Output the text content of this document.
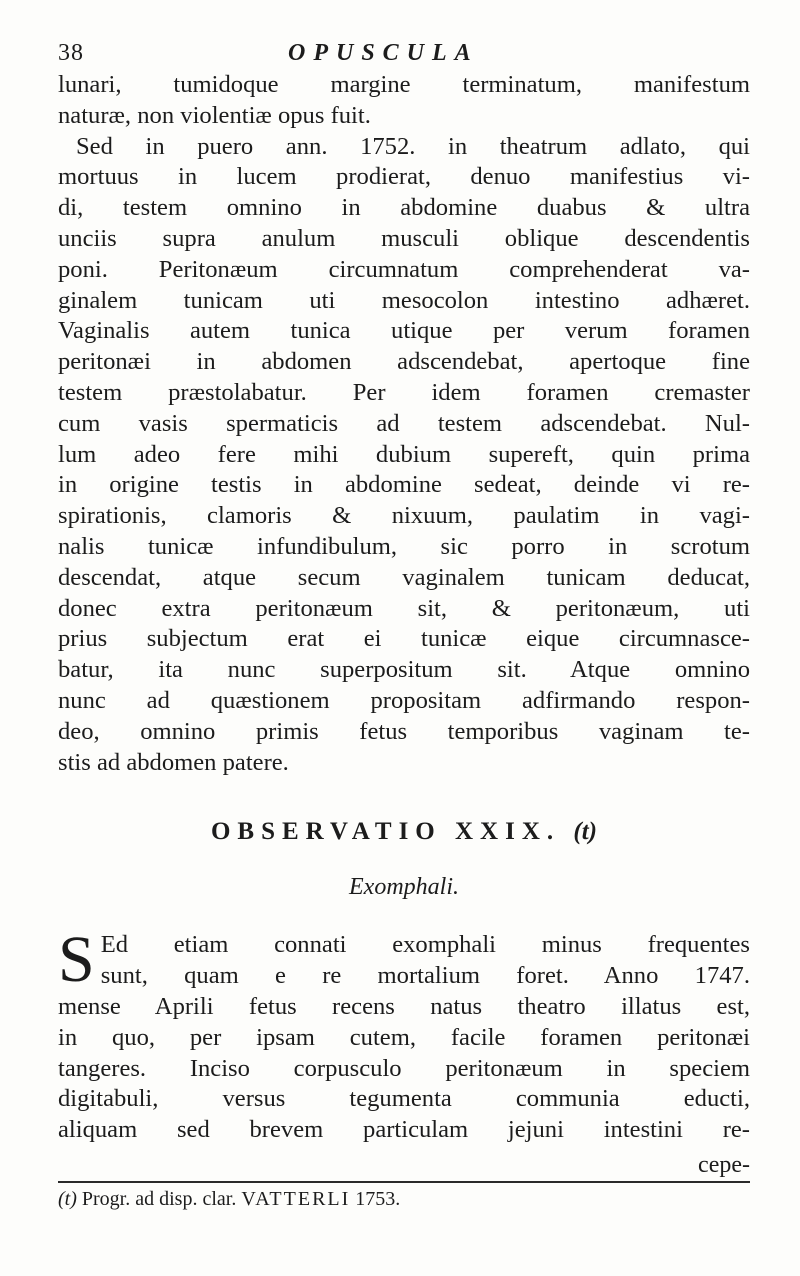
38	OPUSCULA
lunari, tumidoque margine terminatum, manifestum
naturæ, non violentiæ opus fuit.
Sed in puero ann. 1752. in theatrum adlato, qui
mortuus in lucem prodierat, denuo manifestius vi-
di, testem omnino in abdomine duabus & ultra
unciis supra anulum musculi oblique descendentis
poni. Peritonæum circumnatum comprehenderat va-
ginalem tunicam uti mesocolon intestino adhæret.
Vaginalis autem tunica utique per verum foramen
peritonæi in abdomen adscendebat, apertoque fine
testem præstolabatur. Per idem foramen cremaster
cum vasis spermaticis ad testem adscendebat. Nul-
lum adeo fere mihi dubium supereft, quin prima
in origine testis in abdomine sedeat, deinde vi re-
spirationis, clamoris & nixuum, paulatim in vagi-
nalis tunicæ infundibulum, sic porro in scrotum
descendat, atque secum vaginalem tunicam deducat,
donec extra peritonæum sit, & peritonæum, uti
prius subjectum erat ei tunicæ eique circumnasce-
batur, ita nunc superpositum sit. Atque omnino
nunc ad quæstionem propositam adfirmando respon-
deo, omnino primis fetus temporibus vaginam te-
stis ad abdomen patere.
OBSERVATIO XXIX. (t)
Exomphali.
S Ed etiam connati exomphali minus frequentes
sunt, quam e re mortalium foret. Anno 1747.
mense Aprili fetus recens natus theatro illatus est,
in quo, per ipsam cutem, facile foramen peritonæi
tangeres. Inciso corpusculo peritonæum in speciem
digitabuli, versus tegumenta communia educti,
aliquam sed brevem particulam jejuni intestini re-
cepe-
(t) Progr. ad disp. clar. VATTERLI 1753.
